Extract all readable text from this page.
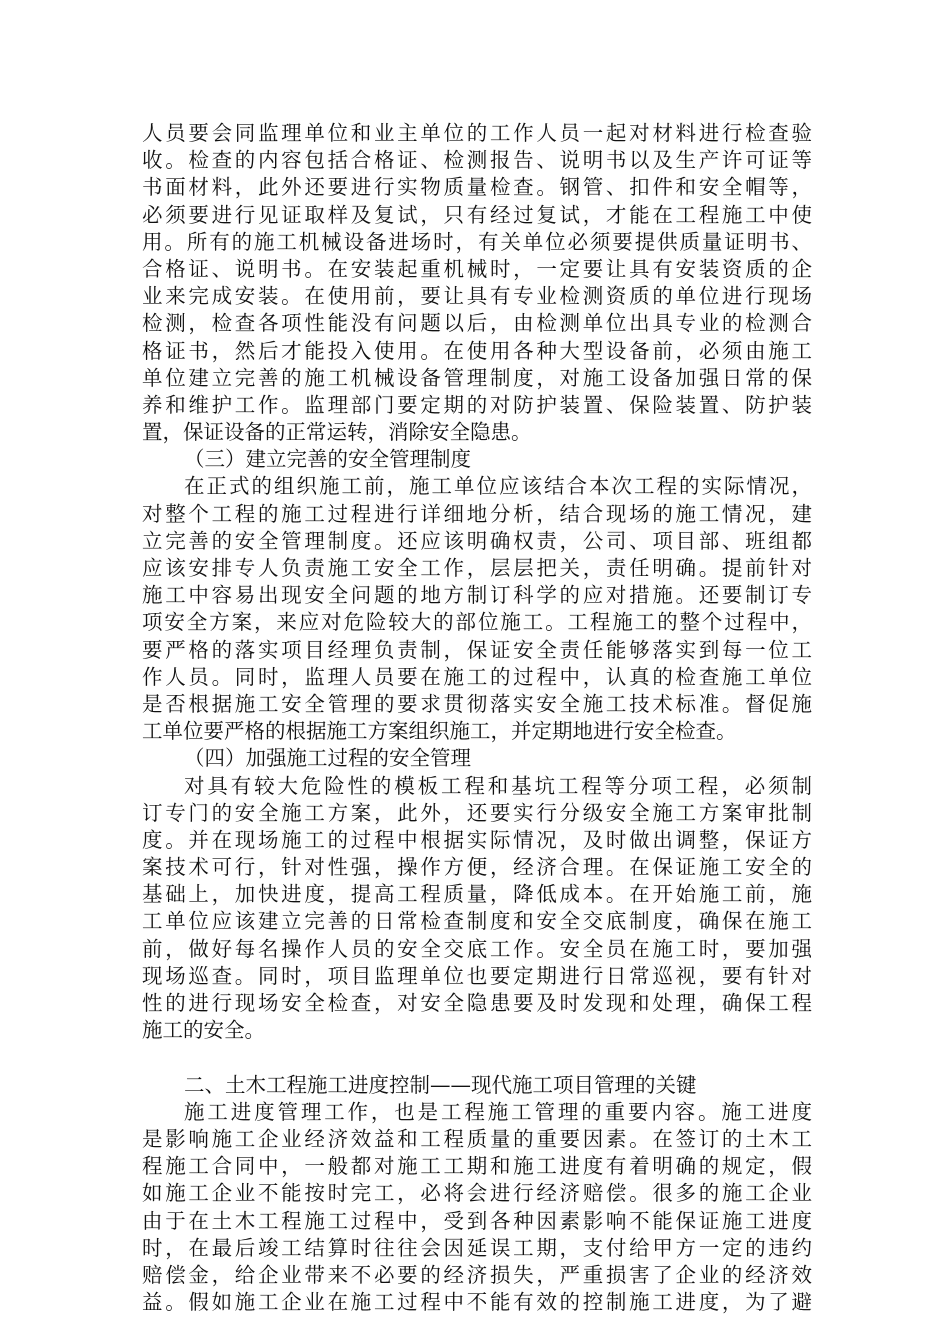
人员要会同监理单位和业主单位的工作人员一起对材料进行检查验
收。检查的内容包括合格证、检测报告、说明书以及生产许可证等
书面材料，此外还要进行实物质量检查。钢管、扣件和安全帽等，
必须要进行见证取样及复试，只有经过复试，才能在工程施工中使
用。所有的施工机械设备进场时，有关单位必须要提供质量证明书、
合格证、说明书。在安装起重机械时，一定要让具有安装资质的企
业来完成安装。在使用前，要让具有专业检测资质的单位进行现场
检测，检查各项性能没有问题以后，由检测单位出具专业的检测合
格证书，然后才能投入使用。在使用各种大型设备前，必须由施工
单位建立完善的施工机械设备管理制度，对施工设备加强日常的保
养和维护工作。监理部门要定期的对防护装置、保险装置、防护装
置，保证设备的正常运转，消除安全隐患。
（三）建立完善的安全管理制度
在正式的组织施工前，施工单位应该结合本次工程的实际情况，
对整个工程的施工过程进行详细地分析，结合现场的施工情况，建
立完善的安全管理制度。还应该明确权责，公司、项目部、班组都
应该安排专人负责施工安全工作，层层把关，责任明确。提前针对
施工中容易出现安全问题的地方制订科学的应对措施。还要制订专
项安全方案，来应对危险较大的部位施工。工程施工的整个过程中，
要严格的落实项目经理负责制，保证安全责任能够落实到每一位工
作人员。同时，监理人员要在施工的过程中，认真的检查施工单位
是否根据施工安全管理的要求贯彻落实安全施工技术标准。督促施
工单位要严格的根据施工方案组织施工，并定期地进行安全检查。
（四）加强施工过程的安全管理
对具有较大危险性的模板工程和基坑工程等分项工程，必须制
订专门的安全施工方案，此外，还要实行分级安全施工方案审批制
度。并在现场施工的过程中根据实际情况，及时做出调整，保证方
案技术可行，针对性强，操作方便，经济合理。在保证施工安全的
基础上，加快进度，提高工程质量，降低成本。在开始施工前，施
工单位应该建立完善的日常检查制度和安全交底制度，确保在施工
前，做好每名操作人员的安全交底工作。安全员在施工时，要加强
现场巡查。同时，项目监理单位也要定期进行日常巡视，要有针对
性的进行现场安全检查，对安全隐患要及时发现和处理，确保工程
施工的安全。
二、土木工程施工进度控制——现代施工项目管理的关键
施工进度管理工作，也是工程施工管理的重要内容。施工进度
是影响施工企业经济效益和工程质量的重要因素。在签订的土木工
程施工合同中，一般都对施工工期和施工进度有着明确的规定，假
如施工企业不能按时完工，必将会进行经济赔偿。很多的施工企业
由于在土木工程施工过程中，受到各种因素影响不能保证施工进度
时，在最后竣工结算时往往会因延误工期，支付给甲方一定的违约
赔偿金，给企业带来不必要的经济损失，严重损害了企业的经济效
益。假如施工企业在施工过程中不能有效的控制施工进度，为了避
